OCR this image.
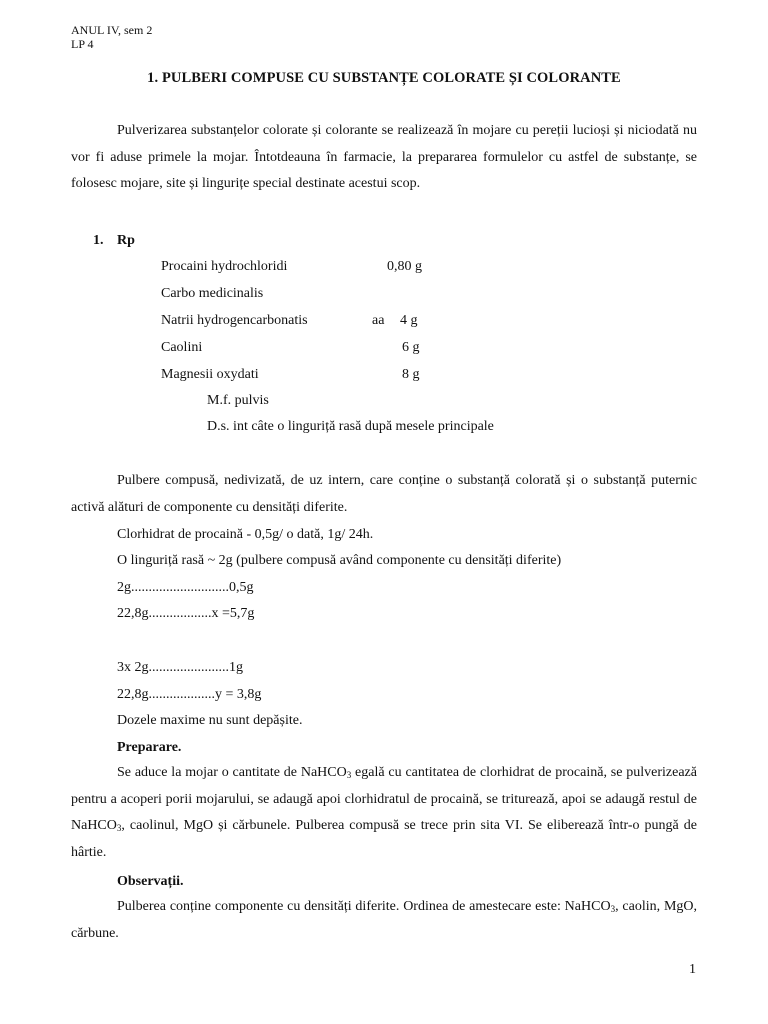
ANUL IV, sem 2
LP 4
1. PULBERI COMPUSE CU SUBSTANȚE COLORATE ȘI COLORANTE
Pulverizarea substanțelor colorate și colorante se realizează în mojare cu pereții lucioși și niciodată nu vor fi aduse primele la mojar. Întotdeauna în farmacie, la prepararea formulelor cu astfel de substanțe, se folosesc mojare, site și lingurițe special destinate acestui scop.
1. Rp
Procaini hydrochloridi	0,80 g
Carbo medicinalis
Natrii hydrogencarbonatis	aa 4 g
Caolini	6 g
Magnesii oxydati	8 g
M.f. pulvis
D.s. int câte o linguriță rasă după mesele principale
Pulbere compusă, nedivizată, de uz intern, care conține o substanță colorată și o substanță puternic activă alături de componente cu densități diferite.
Clorhidrat de procaină - 0,5g/ o dată, 1g/ 24h.
O linguriță rasă ~ 2g (pulbere compusă având componente cu densități diferite)
2g............................0,5g
22,8g..................x =5,7g
3x 2g.......................1g
22,8g...................y = 3,8g
Dozele maxime nu sunt depășite.
Preparare.
Se aduce la mojar o cantitate de NaHCO$_3$ egală cu cantitatea de clorhidrat de procaină, se pulverizează pentru a acoperi porii mojarului, se adaugă apoi clorhidratul de procaină, se triturează, apoi se adaugă restul de NaHCO$_3$, caolinul, MgO și cărbunele. Pulberea compusă se trece prin sita VI. Se eliberează într-o pungă de hârtie.
Observații.
Pulberea conține componente cu densități diferite. Ordinea de amestecare este: NaHCO$_3$, caolin, MgO, cărbune.
1
